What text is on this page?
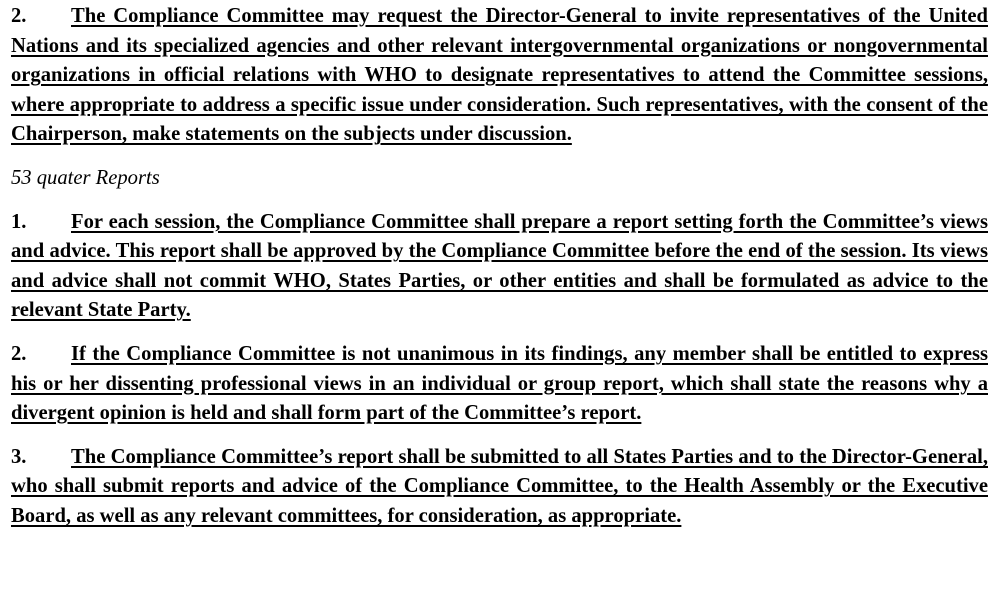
2. The Compliance Committee may request the Director-General to invite representatives of the United Nations and its specialized agencies and other relevant intergovernmental organizations or nongovernmental organizations in official relations with WHO to designate representatives to attend the Committee sessions, where appropriate to address a specific issue under consideration. Such representatives, with the consent of the Chairperson, make statements on the subjects under discussion.

53 quater Reports

1. For each session, the Compliance Committee shall prepare a report setting forth the Committee’s views and advice. This report shall be approved by the Compliance Committee before the end of the session. Its views and advice shall not commit WHO, States Parties, or other entities and shall be formulated as advice to the relevant State Party.

2. If the Compliance Committee is not unanimous in its findings, any member shall be entitled to express his or her dissenting professional views in an individual or group report, which shall state the reasons why a divergent opinion is held and shall form part of the Committee’s report.

3. The Compliance Committee’s report shall be submitted to all States Parties and to the Director-General, who shall submit reports and advice of the Compliance Committee, to the Health Assembly or the Executive Board, as well as any relevant committees, for consideration, as appropriate.
